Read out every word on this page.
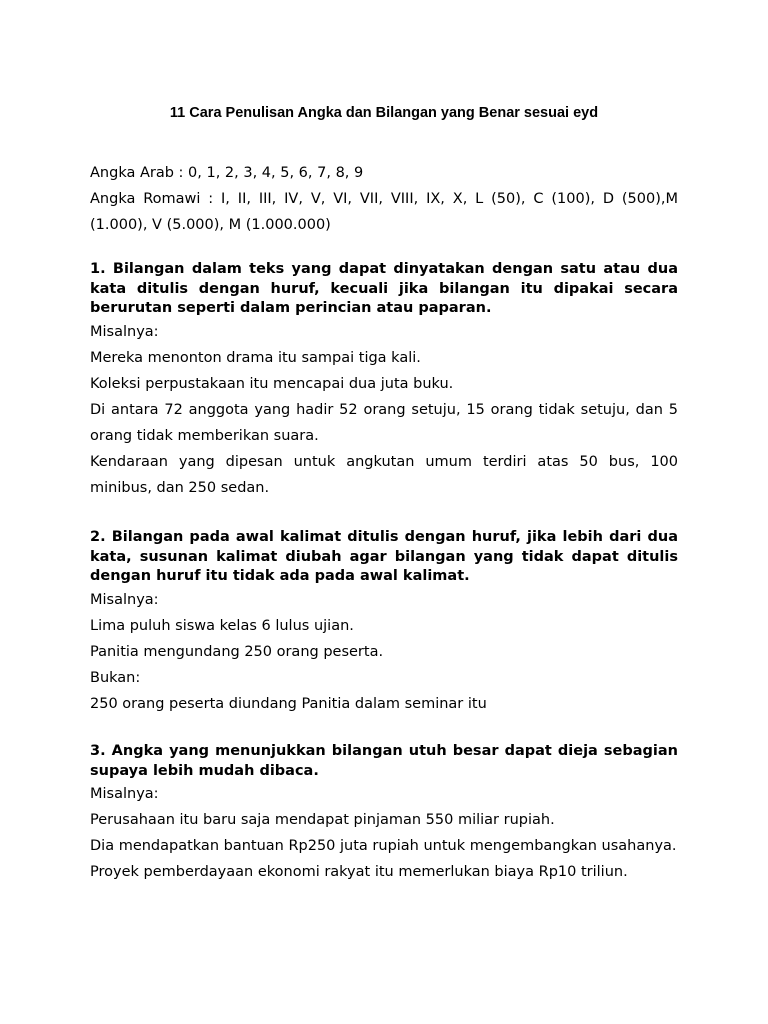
11 Cara Penulisan Angka dan Bilangan yang Benar sesuai eyd

Angka Arab : 0, 1, 2, 3, 4, 5, 6, 7, 8, 9

Angka Romawi : I, II, III, IV, V, VI, VII, VIII, IX, X, L (50), C (100), D (500),M (1.000), V (5.000), M (1.000.000)

1. Bilangan dalam teks yang dapat dinyatakan dengan satu atau dua kata ditulis dengan huruf, kecuali jika bilangan itu dipakai secara berurutan seperti dalam perincian atau paparan.

Misalnya:

Mereka menonton drama itu sampai tiga kali.

Koleksi perpustakaan itu mencapai dua juta buku.

Di antara 72 anggota yang hadir 52 orang setuju, 15 orang tidak setuju, dan 5 orang tidak memberikan suara.

Kendaraan yang dipesan untuk angkutan umum terdiri atas 50 bus, 100 minibus, dan 250 sedan.

2. Bilangan pada awal kalimat ditulis dengan huruf, jika lebih dari dua kata, susunan kalimat diubah agar bilangan yang tidak dapat ditulis dengan huruf itu tidak ada pada awal kalimat.

Misalnya:

Lima puluh siswa kelas 6 lulus ujian.

Panitia mengundang 250 orang peserta.

Bukan:

250 orang peserta diundang Panitia dalam seminar itu

3. Angka yang menunjukkan bilangan utuh besar dapat dieja sebagian supaya lebih mudah dibaca.

Misalnya:

Perusahaan itu baru saja mendapat pinjaman 550 miliar rupiah.

Dia mendapatkan bantuan Rp250 juta rupiah untuk mengembangkan usahanya.

Proyek pemberdayaan ekonomi rakyat itu memerlukan biaya Rp10 triliun.
